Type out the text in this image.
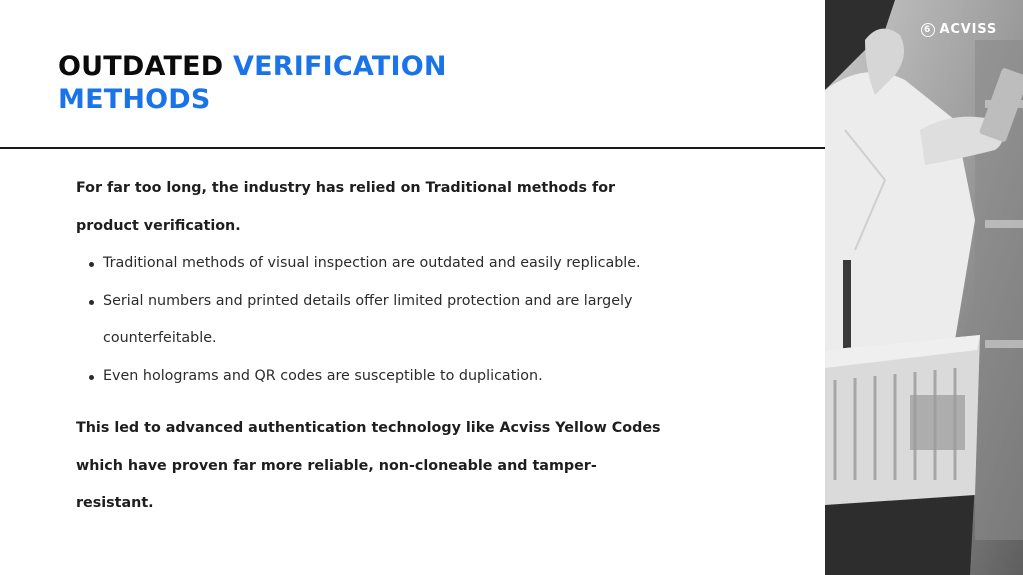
OUTDATED VERIFICATION
METHODS

For far too long, the industry has relied on Traditional methods for product verification.

Traditional methods of visual inspection are outdated and easily replicable.
Serial numbers and printed details offer limited protection and are largely counterfeitable.
Even holograms and QR codes are susceptible to duplication.

This led to advanced authentication technology like Acviss Yellow Codes which have proven far more reliable, non-cloneable and tamper-resistant.

6 ACVISS
